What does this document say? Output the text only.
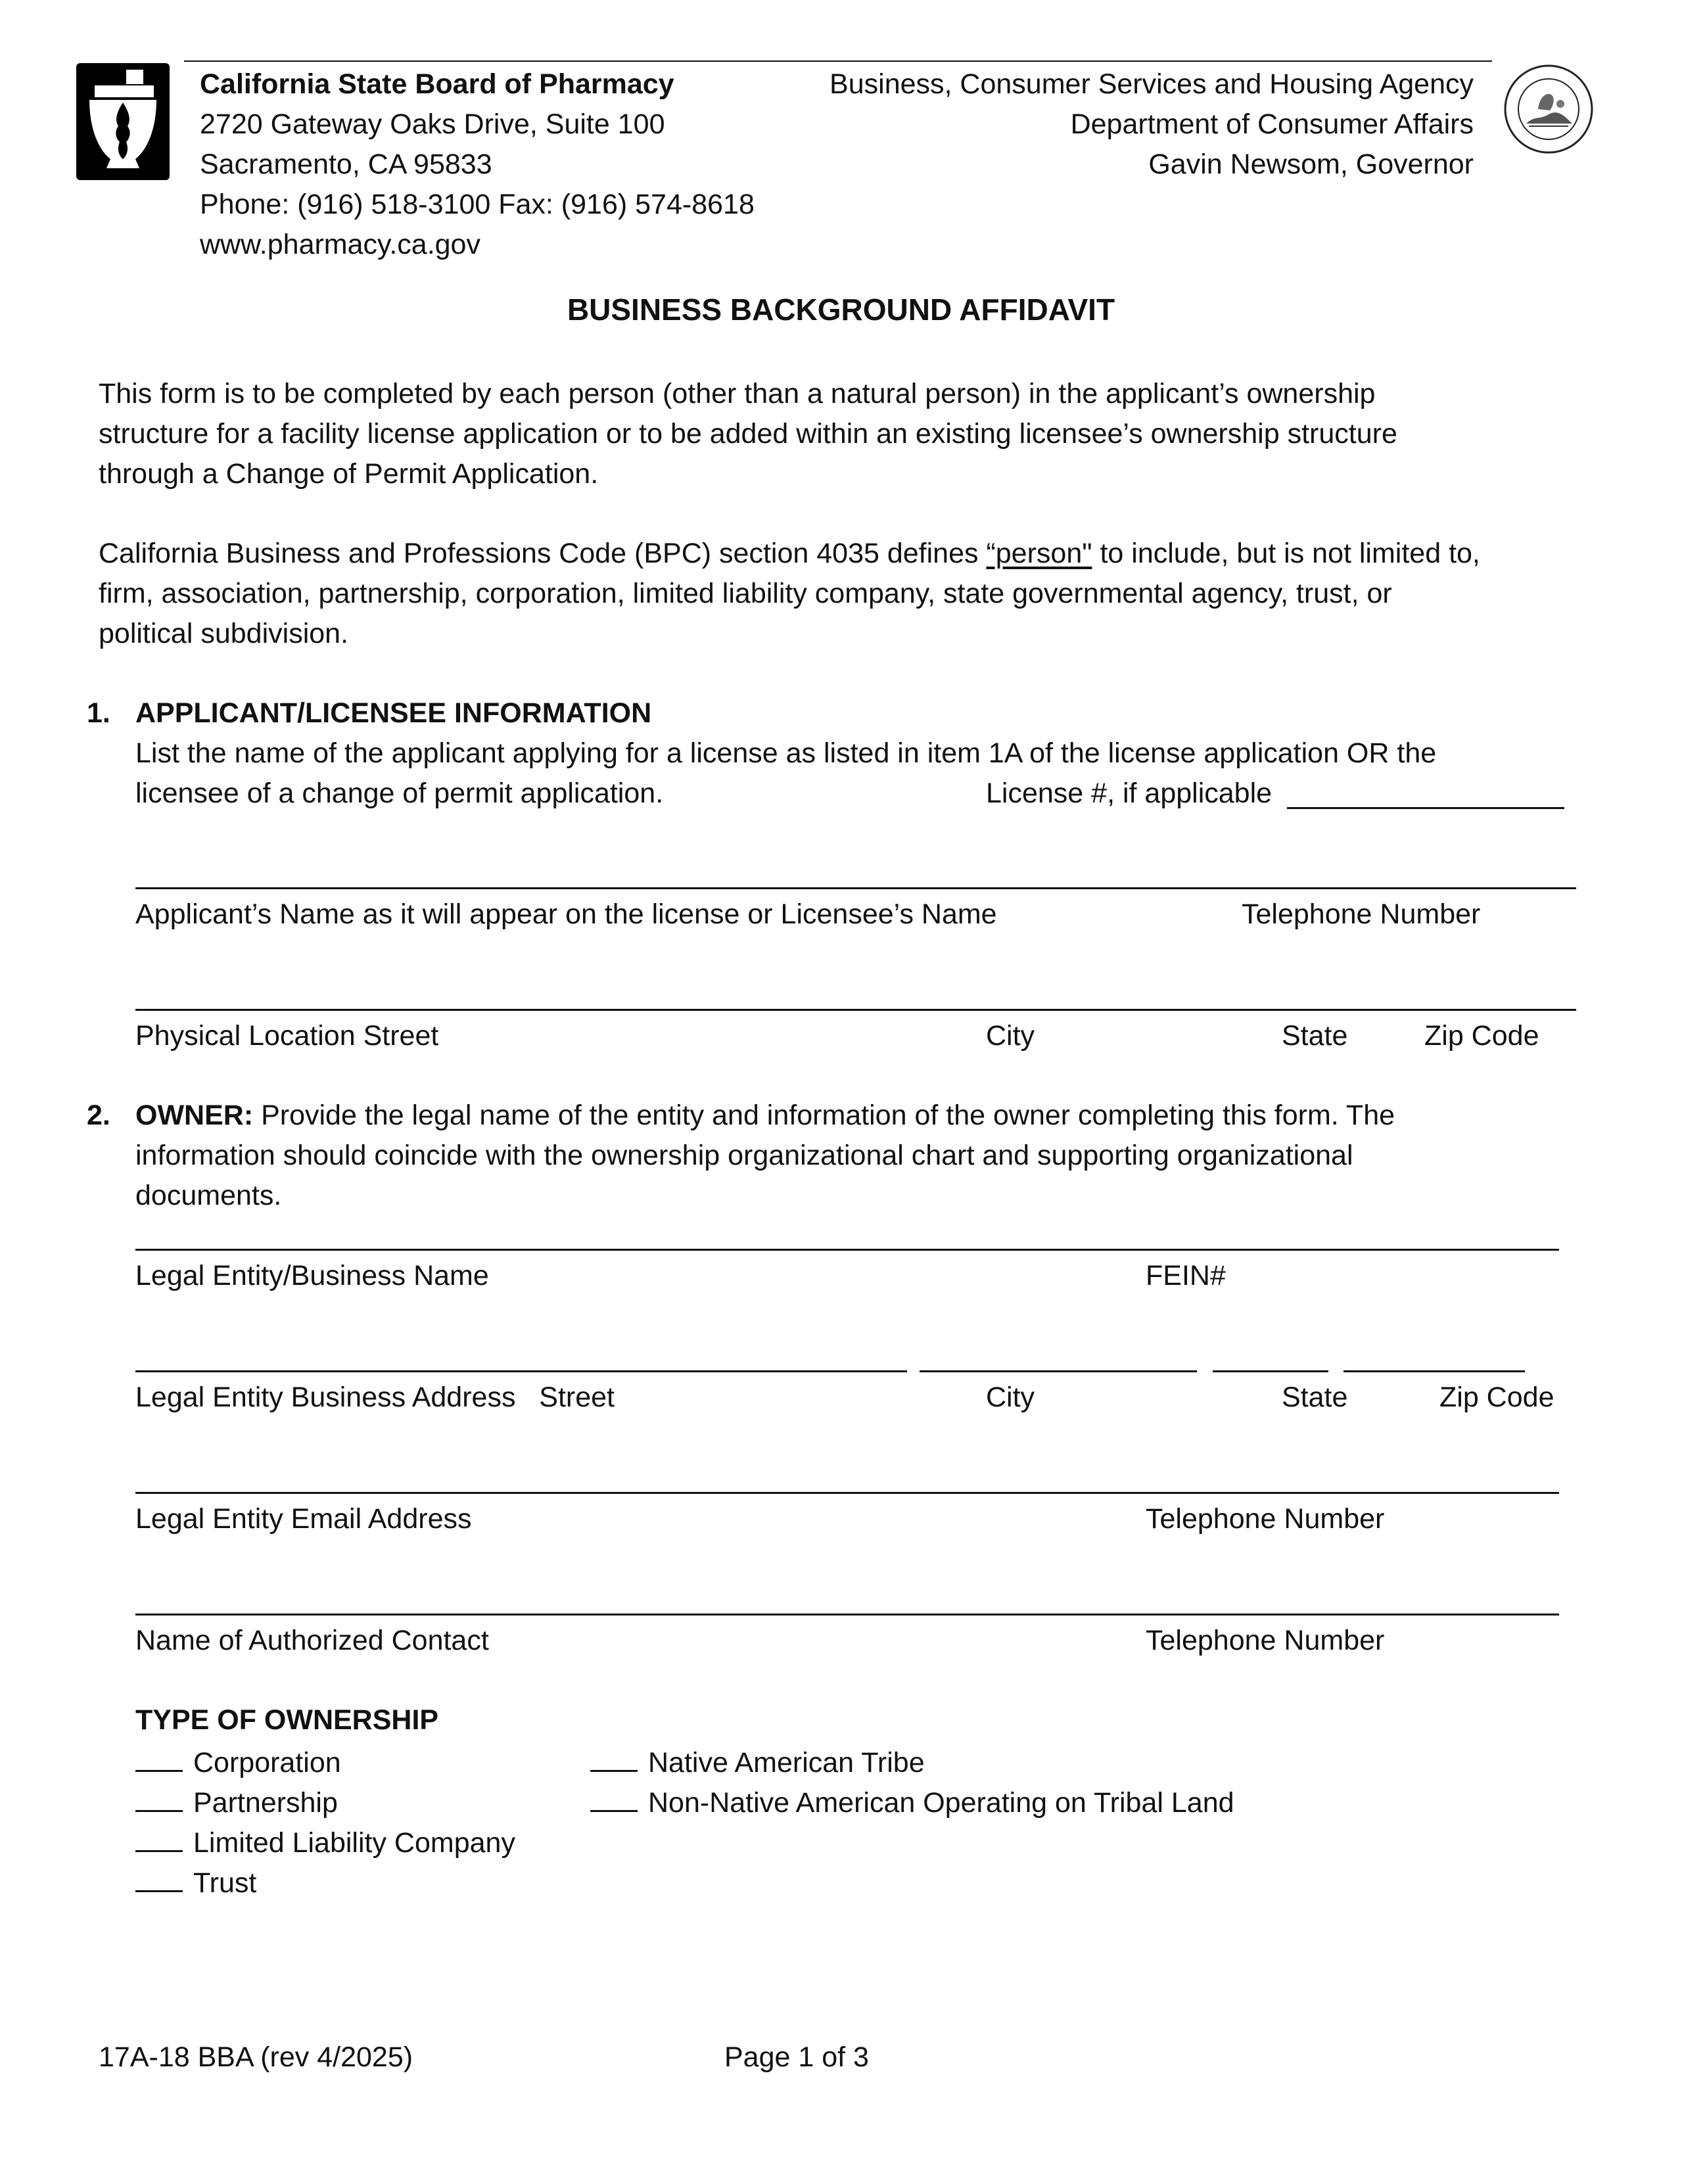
California State Board of Pharmacy
2720 Gateway Oaks Drive, Suite 100
Sacramento, CA 95833
Phone: (916) 518-3100 Fax: (916) 574-8618
www.pharmacy.ca.gov
Business, Consumer Services and Housing Agency
Department of Consumer Affairs
Gavin Newsom, Governor
BUSINESS BACKGROUND AFFIDAVIT
This form is to be completed by each person (other than a natural person) in the applicant’s ownership
structure for a facility license application or to be added within an existing licensee’s ownership structure
through a Change of Permit Application.
California Business and Professions Code (BPC) section 4035 defines “person" to include, but is not limited to,
firm, association, partnership, corporation, limited liability company, state governmental agency, trust, or
political subdivision.
1. APPLICANT/LICENSEE INFORMATION
List the name of the applicant applying for a license as listed in item 1A of the license application OR the
licensee of a change of permit application.	License #, if applicable
Applicant’s Name as it will appear on the license or Licensee’s Name	Telephone Number
Physical Location Street	City	State	Zip Code
2. OWNER: Provide the legal name of the entity and information of the owner completing this form. The
information should coincide with the ownership organizational chart and supporting organizational
documents.
Legal Entity/Business Name	FEIN#
Legal Entity Business Address   Street	City	State	Zip Code
Legal Entity Email Address	Telephone Number
Name of Authorized Contact	Telephone Number
TYPE OF OWNERSHIP
Corporation
Partnership
Limited Liability Company
Trust
Native American Tribe
Non-Native American Operating on Tribal Land
17A-18 BBA (rev 4/2025)	Page 1 of 3
